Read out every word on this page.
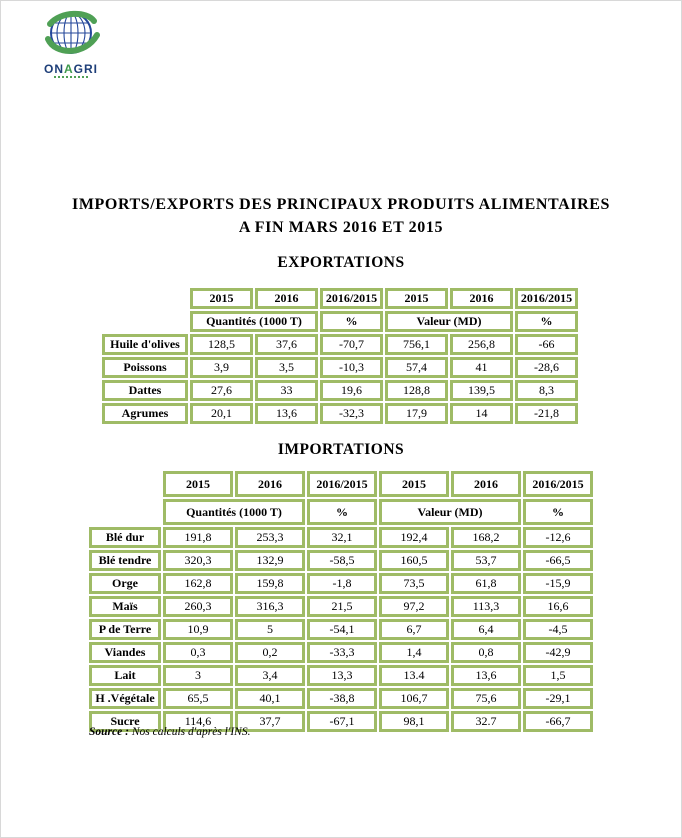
ONAGRI
IMPORTS/EXPORTS DES PRINCIPAUX PRODUITS ALIMENTAIRES
A FIN MARS 2016 ET 2015
EXPORTATIONS
	2015	2016	2016/2015	2015	2016	2016/2015
	Quantités (1000 T)		%	Valeur (MD)		%
Huile d'olives	128,5	37,6	-70,7	756,1	256,8	-66
Poissons	3,9	3,5	-10,3	57,4	41	-28,6
Dattes	27,6	33	19,6	128,8	139,5	8,3
Agrumes	20,1	13,6	-32,3	17,9	14	-21,8
IMPORTATIONS
	2015	2016	2016/2015	2015	2016	2016/2015
	Quantités (1000 T)		%	Valeur (MD)		%
Blé dur	191,8	253,3	32,1	192,4	168,2	-12,6
Blé tendre	320,3	132,9	-58,5	160,5	53,7	-66,5
Orge	162,8	159,8	-1,8	73,5	61,8	-15,9
Maïs	260,3	316,3	21,5	97,2	113,3	16,6
P de Terre	10,9	5	-54,1	6,7	6,4	-4,5
Viandes	0,3	0,2	-33,3	1,4	0,8	-42,9
Lait	3	3,4	13,3	13.4	13,6	1,5
H .Végétale	65,5	40,1	-38,8	106,7	75,6	-29,1
Sucre	114,6	37,7	-67,1	98,1	32.7	-66,7
Source : Nos calculs d'après l'INS.
